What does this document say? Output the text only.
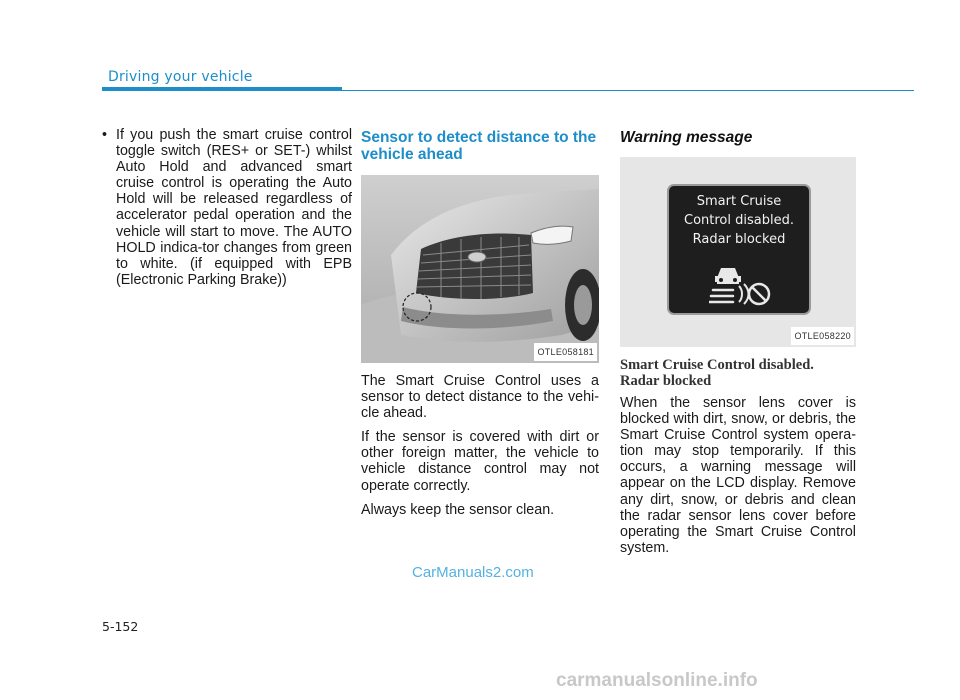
Driving your vehicle
• If you push the smart cruise control toggle switch (RES+ or SET-) whilst Auto Hold and advanced smart cruise control is operating the Auto Hold will be released regardless of accelerator pedal operation and the vehicle will start to move. The AUTO HOLD indica-tor changes from green to white. (if equipped with EPB (Electronic Parking Brake))
Sensor to detect distance to the vehicle ahead
OTLE058181

The Smart Cruise Control uses a sensor to detect distance to the vehi-cle ahead.

If the sensor is covered with dirt or other foreign matter, the vehicle to vehicle distance control may not operate correctly.

Always keep the sensor clean.

Warning message
Smart Cruise
Control disabled.
Radar blocked
OTLE058220
Smart Cruise Control disabled. Radar blocked

When the sensor lens cover is blocked with dirt, snow, or debris, the Smart Cruise Control system opera-tion may stop temporarily. If this occurs, a warning message will appear on the LCD display. Remove any dirt, snow, or debris and clean the radar sensor lens cover before operating the Smart Cruise Control system.

CarManuals2.com
5-152
carmanualsonline.info
